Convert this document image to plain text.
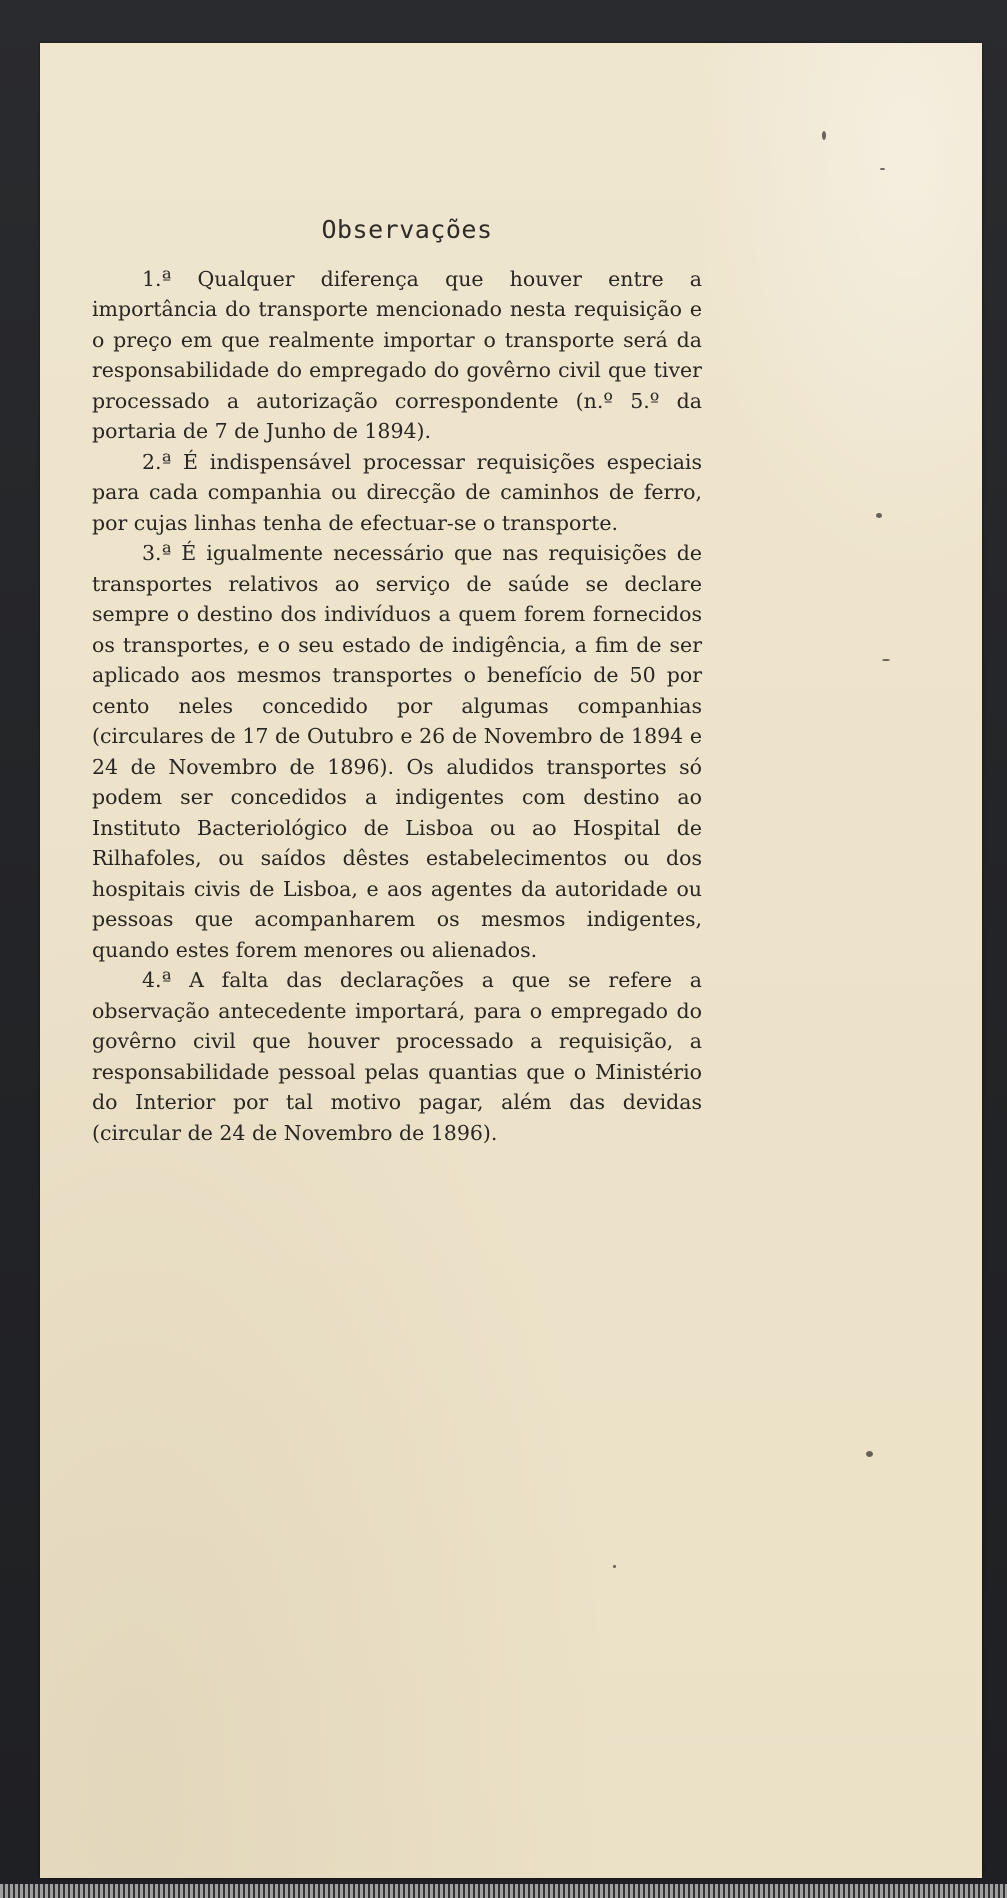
Observações

1.ª Qualquer diferença que houver entre a importância do transporte mencionado nesta requisição e o preço em que realmente importar o transporte será da responsabilidade do empregado do govêrno civil que tiver processado a autorização correspondente (n.º 5.º da portaria de 7 de Junho de 1894).

2.ª É indispensável processar requisições especiais para cada companhia ou direcção de caminhos de ferro, por cujas linhas tenha de efectuar-se o transporte.

3.ª É igualmente necessário que nas requisições de transportes relativos ao serviço de saúde se declare sempre o destino dos indivíduos a quem forem fornecidos os transportes, e o seu estado de indigência, a fim de ser aplicado aos mesmos transportes o benefício de 50 por cento neles concedido por algumas companhias (circulares de 17 de Outubro e 26 de Novembro de 1894 e 24 de Novembro de 1896). Os aludidos transportes só podem ser concedidos a indigentes com destino ao Instituto Bacteriológico de Lisboa ou ao Hospital de Rilhafoles, ou saídos dêstes estabelecimentos ou dos hospitais civis de Lisboa, e aos agentes da autoridade ou pessoas que acompanharem os mesmos indigentes, quando estes forem menores ou alienados.

4.ª A falta das declarações a que se refere a observação antecedente importará, para o empregado do govêrno civil que houver processado a requisição, a responsabilidade pessoal pelas quantias que o Ministério do Interior por tal motivo pagar, além das devidas (circular de 24 de Novembro de 1896).
